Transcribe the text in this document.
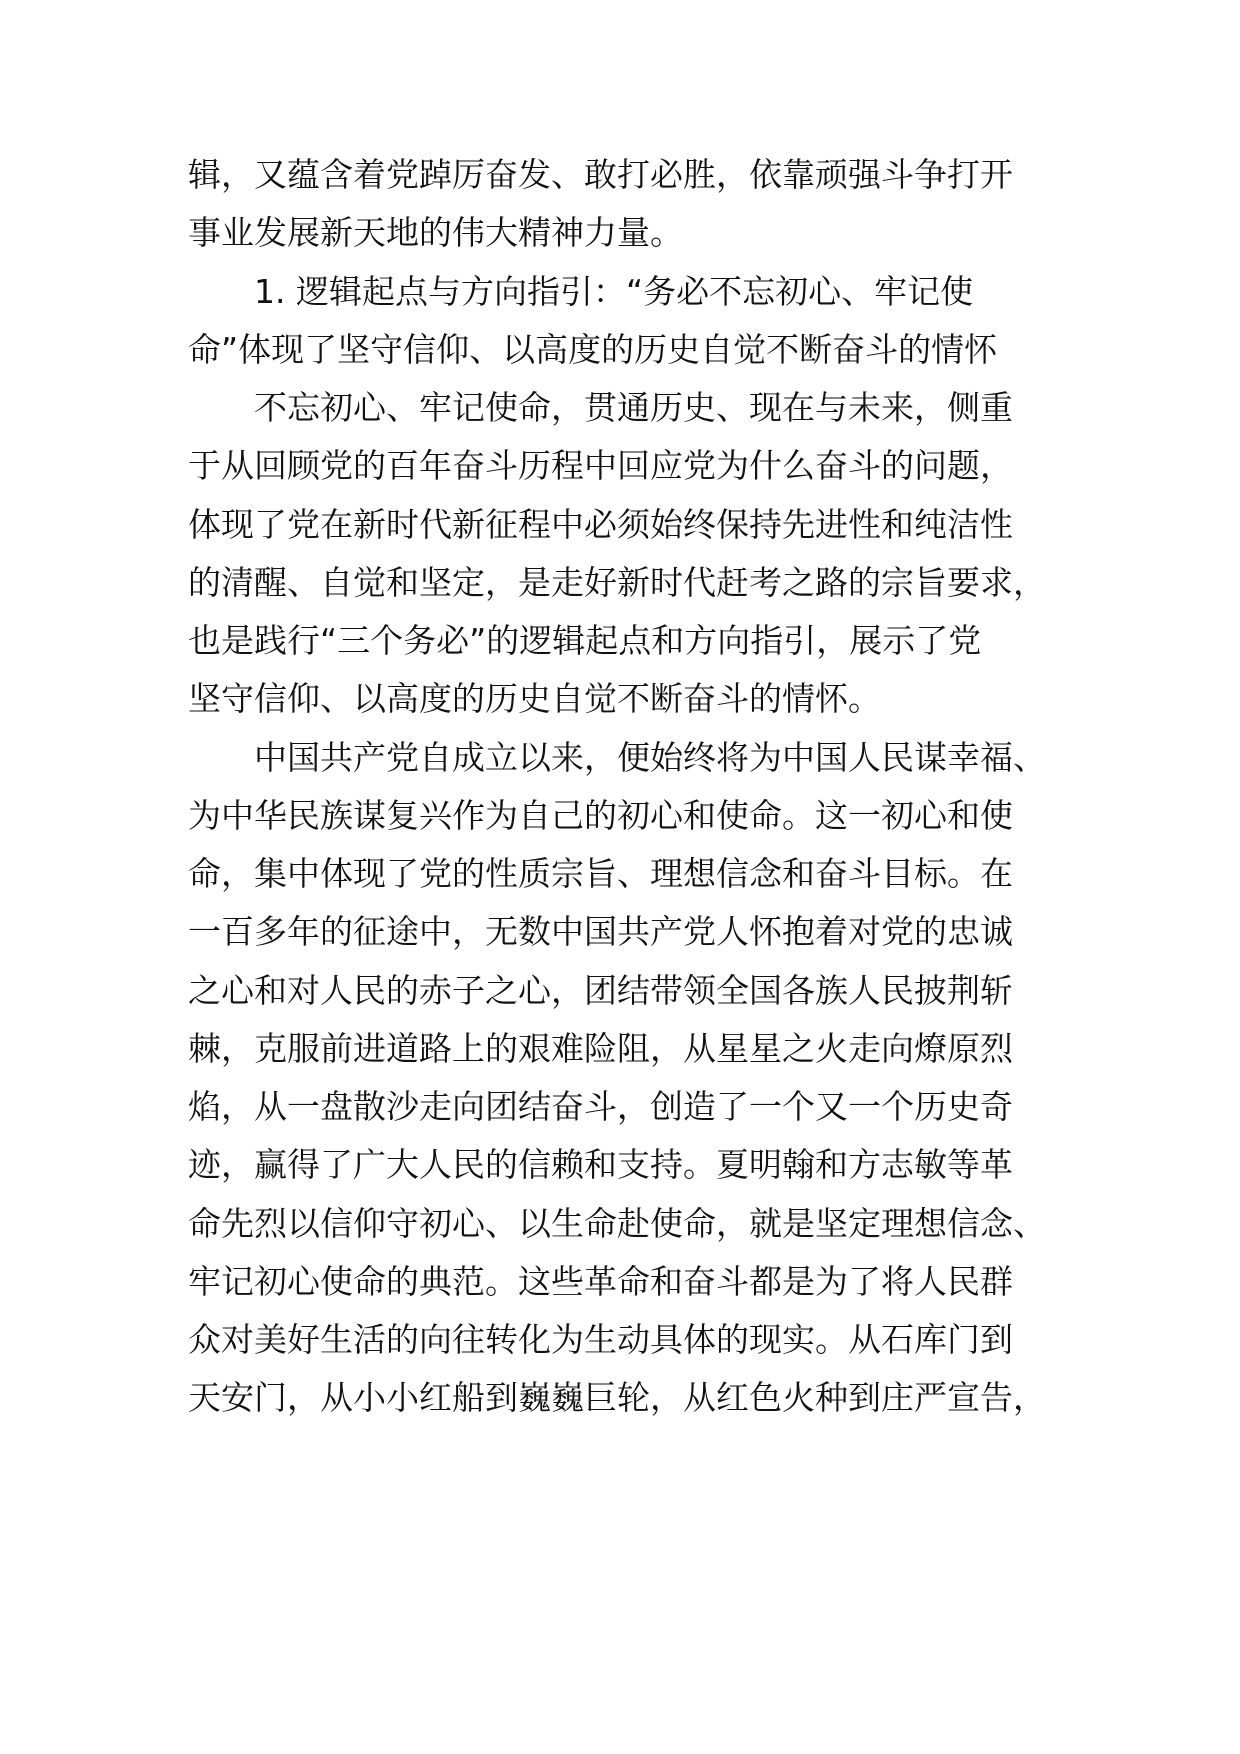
辑，又蕴含着党踔厉奋发、敢打必胜，依靠顽强斗争打开
事业发展新天地的伟大精神力量。
1. 逻辑起点与方向指引：“务必不忘初心、牢记使
命”体现了坚守信仰、以高度的历史自觉不断奋斗的情怀
不忘初心、牢记使命，贯通历史、现在与未来，侧重
于从回顾党的百年奋斗历程中回应党为什么奋斗的问题，
体现了党在新时代新征程中必须始终保持先进性和纯洁性
的清醒、自觉和坚定，是走好新时代赶考之路的宗旨要求，
也是践行“三个务必”的逻辑起点和方向指引，展示了党
坚守信仰、以高度的历史自觉不断奋斗的情怀。
中国共产党自成立以来，便始终将为中国人民谋幸福、
为中华民族谋复兴作为自己的初心和使命。这一初心和使
命，集中体现了党的性质宗旨、理想信念和奋斗目标。在
一百多年的征途中，无数中国共产党人怀抱着对党的忠诚
之心和对人民的赤子之心，团结带领全国各族人民披荆斩
棘，克服前进道路上的艰难险阻，从星星之火走向燎原烈
焰，从一盘散沙走向团结奋斗，创造了一个又一个历史奇
迹，赢得了广大人民的信赖和支持。夏明翰和方志敏等革
命先烈以信仰守初心、以生命赴使命，就是坚定理想信念、
牢记初心使命的典范。这些革命和奋斗都是为了将人民群
众对美好生活的向往转化为生动具体的现实。从石库门到
天安门，从小小红船到巍巍巨轮，从红色火种到庄严宣告，
